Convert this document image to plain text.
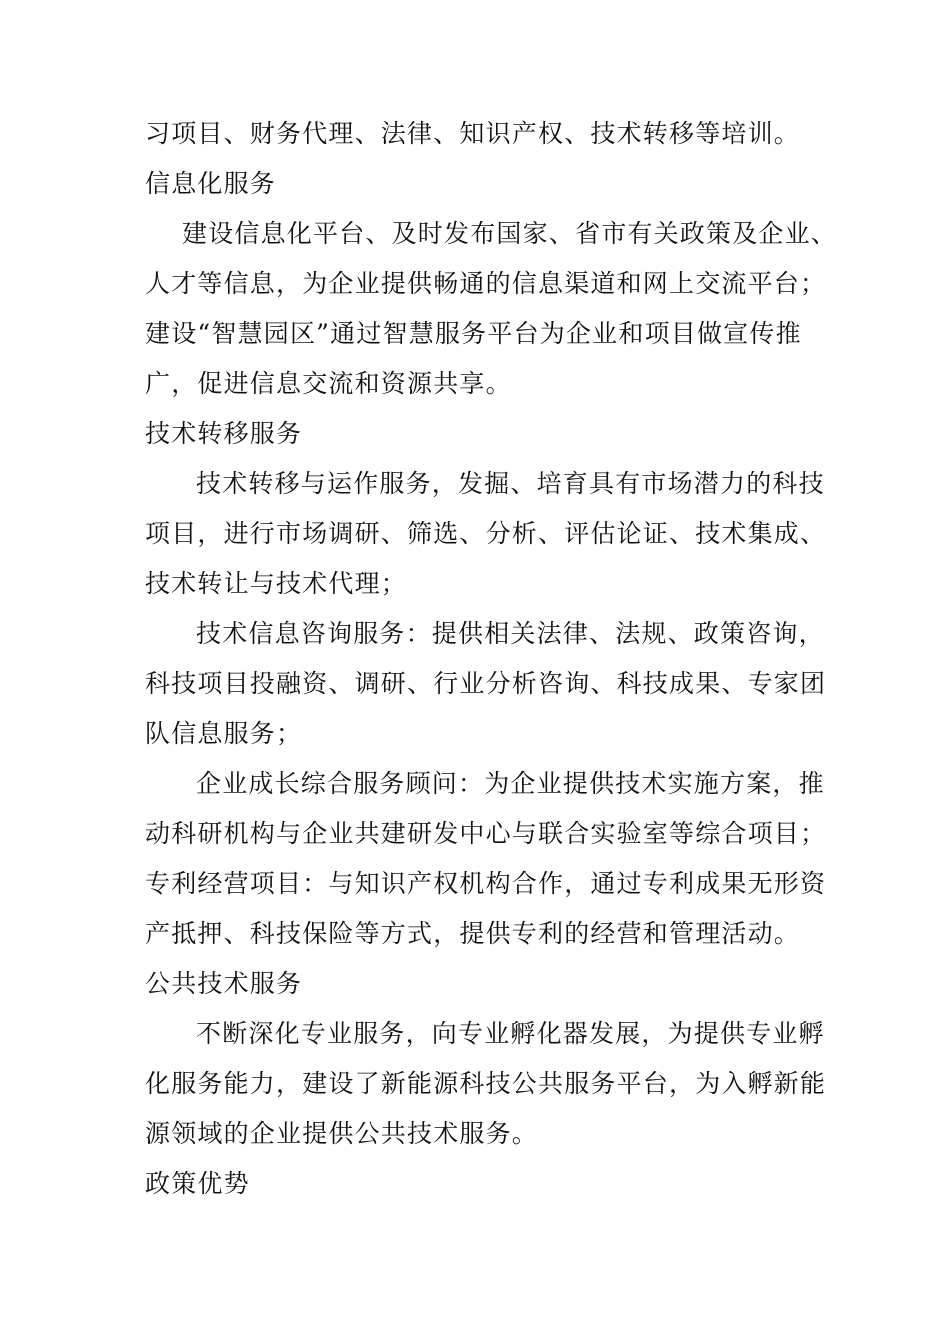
习项目、财务代理、法律、知识产权、技术转移等培训。
信息化服务
建设信息化平台、及时发布国家、省市有关政策及企业、
人才等信息，为企业提供畅通的信息渠道和网上交流平台；
建设“智慧园区”通过智慧服务平台为企业和项目做宣传推
广，促进信息交流和资源共享。
技术转移服务
技术转移与运作服务，发掘、培育具有市场潜力的科技
项目，进行市场调研、筛选、分析、评估论证、技术集成、
技术转让与技术代理；
技术信息咨询服务：提供相关法律、法规、政策咨询，
科技项目投融资、调研、行业分析咨询、科技成果、专家团
队信息服务；
企业成长综合服务顾问：为企业提供技术实施方案，推
动科研机构与企业共建研发中心与联合实验室等综合项目；
专利经营项目：与知识产权机构合作，通过专利成果无形资
产抵押、科技保险等方式，提供专利的经营和管理活动。
公共技术服务
不断深化专业服务，向专业孵化器发展，为提供专业孵
化服务能力，建设了新能源科技公共服务平台，为入孵新能
源领域的企业提供公共技术服务。
政策优势
